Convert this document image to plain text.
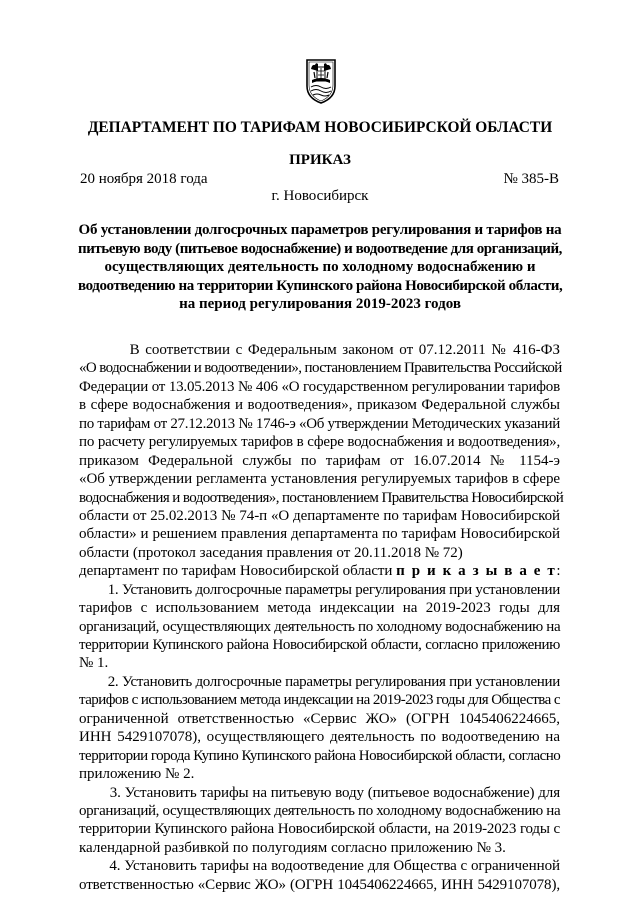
ДЕПАРТАМЕНТ ПО ТАРИФАМ НОВОСИБИРСКОЙ ОБЛАСТИ
ПРИКАЗ
20 ноября 2018 года	№ 385-В
г. Новосибирск
Об установлении долгосрочных параметров регулирования и тарифов на
питьевую воду (питьевое водоснабжение) и водоотведение для организаций,
осуществляющих деятельность по холодному водоснабжению и
водоотведению на территории Купинского района Новосибирской области,
на период регулирования 2019-2023 годов
В соответствии с Федеральным законом от 07.12.2011 № 416-ФЗ
«О водоснабжении и водоотведении», постановлением Правительства Российской
Федерации от 13.05.2013 № 406 «О государственном регулировании тарифов
в сфере водоснабжения и водоотведения», приказом Федеральной службы
по тарифам от 27.12.2013 № 1746-э «Об утверждении Методических указаний
по расчету регулируемых тарифов в сфере водоснабжения и водоотведения»,
приказом Федеральной службы по тарифам от 16.07.2014 № 1154-э
«Об утверждении регламента установления регулируемых тарифов в сфере
водоснабжения и водоотведения», постановлением Правительства Новосибирской
области от 25.02.2013 № 74-п «О департаменте по тарифам Новосибирской
области» и решением правления департамента по тарифам Новосибирской
области (протокол заседания правления от 20.11.2018 № 72)
департамент по тарифам Новосибирской области п р и к а з ы в а е т:
1. Установить долгосрочные параметры регулирования при установлении
тарифов с использованием метода индексации на 2019-2023 годы для
организаций, осуществляющих деятельность по холодному водоснабжению на
территории Купинского района Новосибирской области, согласно приложению
№ 1.
2. Установить долгосрочные параметры регулирования при установлении
тарифов с использованием метода индексации на 2019-2023 годы для Общества с
ограниченной ответственностью «Сервис ЖО» (ОГРН 1045406224665,
ИНН 5429107078), осуществляющего деятельность по водоотведению на
территории города Купино Купинского района Новосибирской области, согласно
приложению № 2.
3. Установить тарифы на питьевую воду (питьевое водоснабжение) для
организаций, осуществляющих деятельность по холодному водоснабжению на
территории Купинского района Новосибирской области, на 2019-2023 годы с
календарной разбивкой по полугодиям согласно приложению № 3.
4. Установить тарифы на водоотведение для Общества с ограниченной
ответственностью «Сервис ЖО» (ОГРН 1045406224665, ИНН 5429107078),
